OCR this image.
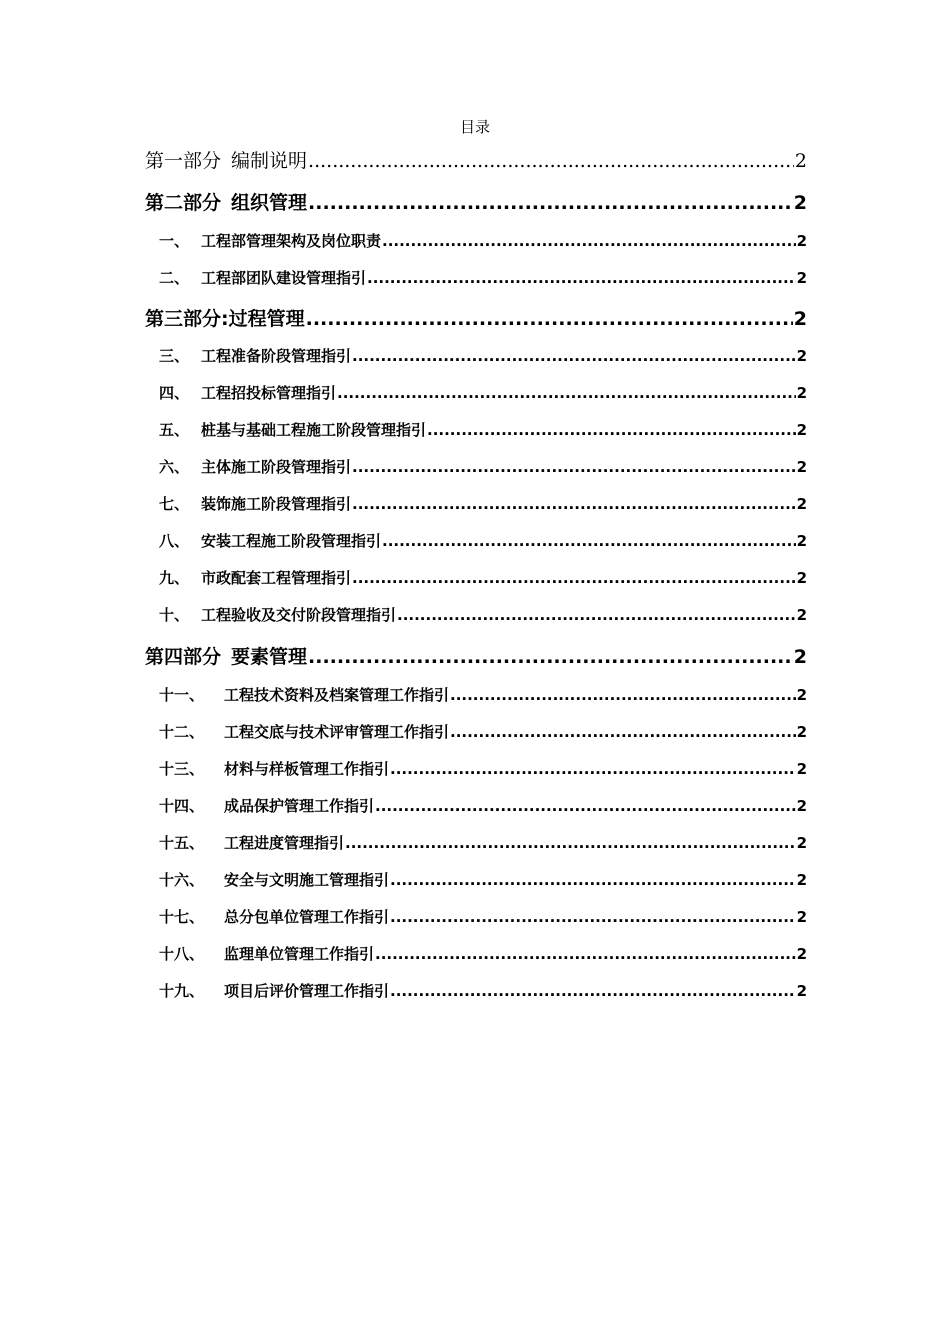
目录
第一部分 编制说明 .....	2
第二部分 组织管理 .....	2
一、 工程部管理架构及岗位职责 .....	2
二、 工程部团队建设管理指引 .....	2
第三部分: 过程管理 .....	2
三、 工程准备阶段管理指引 .....	2
四、 工程招投标管理指引 .....	2
五、 桩基与基础工程施工阶段管理指引 .....	2
六、 主体施工阶段管理指引 .....	2
七、 装饰施工阶段管理指引 .....	2
八、 安装工程施工阶段管理指引 .....	2
九、 市政配套工程管理指引 .....	2
十、 工程验收及交付阶段管理指引 .....	2
第四部分 要素管理 .....	2
十一、	工程技术资料及档案管理工作指引 .....	2
十二、	工程交底与技术评审管理工作指引 .....	2
十三、	材料与样板管理工作指引 .....	2
十四、	成品保护管理工作指引 .....	2
十五、	工程进度管理指引 .....	2
十六、	安全与文明施工管理指引 .....	2
十七、	总分包单位管理工作指引 .....	2
十八、	监理单位管理工作指引 .....	2
十九、	项目后评价管理工作指引 .....	2
